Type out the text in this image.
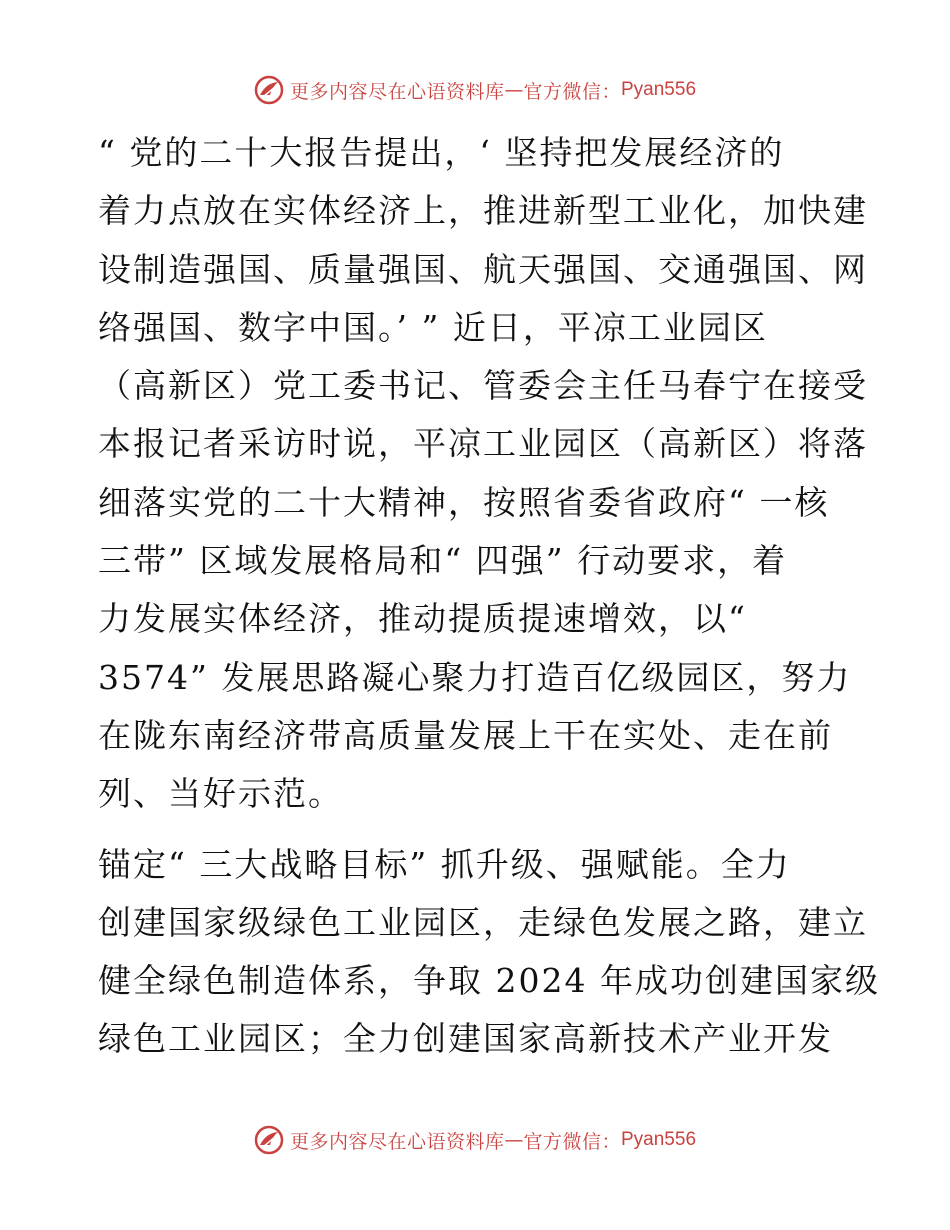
更多内容尽在心语资料库 — 官方微信： Pyan556

“ 党的二十大报告提出，‘ 坚持把发展经济的
着力点放在实体经济上，推进新型工业化，加快建
设制造强国、质量强国、航天强国、交通强国、网
络强国、数字中国。’ ” 近日，平凉工业园区
（高新区）党工委书记、管委会主任马春宁在接受
本报记者采访时说，平凉工业园区（高新区）将落
细落实党的二十大精神，按照省委省政府“ 一核
三带” 区域发展格局和“ 四强” 行动要求，着
力发展实体经济，推动提质提速增效，以“
3574” 发展思路凝心聚力打造百亿级园区，努力
在陇东南经济带高质量发展上干在实处、走在前
列、当好示范。

锚定“ 三大战略目标” 抓升级、强赋能。全力
创建国家级绿色工业园区，走绿色发展之路，建立
健全绿色制造体系，争取 2024 年成功创建国家级
绿色工业园区；全力创建国家高新技术产业开发

更多内容尽在心语资料库 — 官方微信： Pyan556
